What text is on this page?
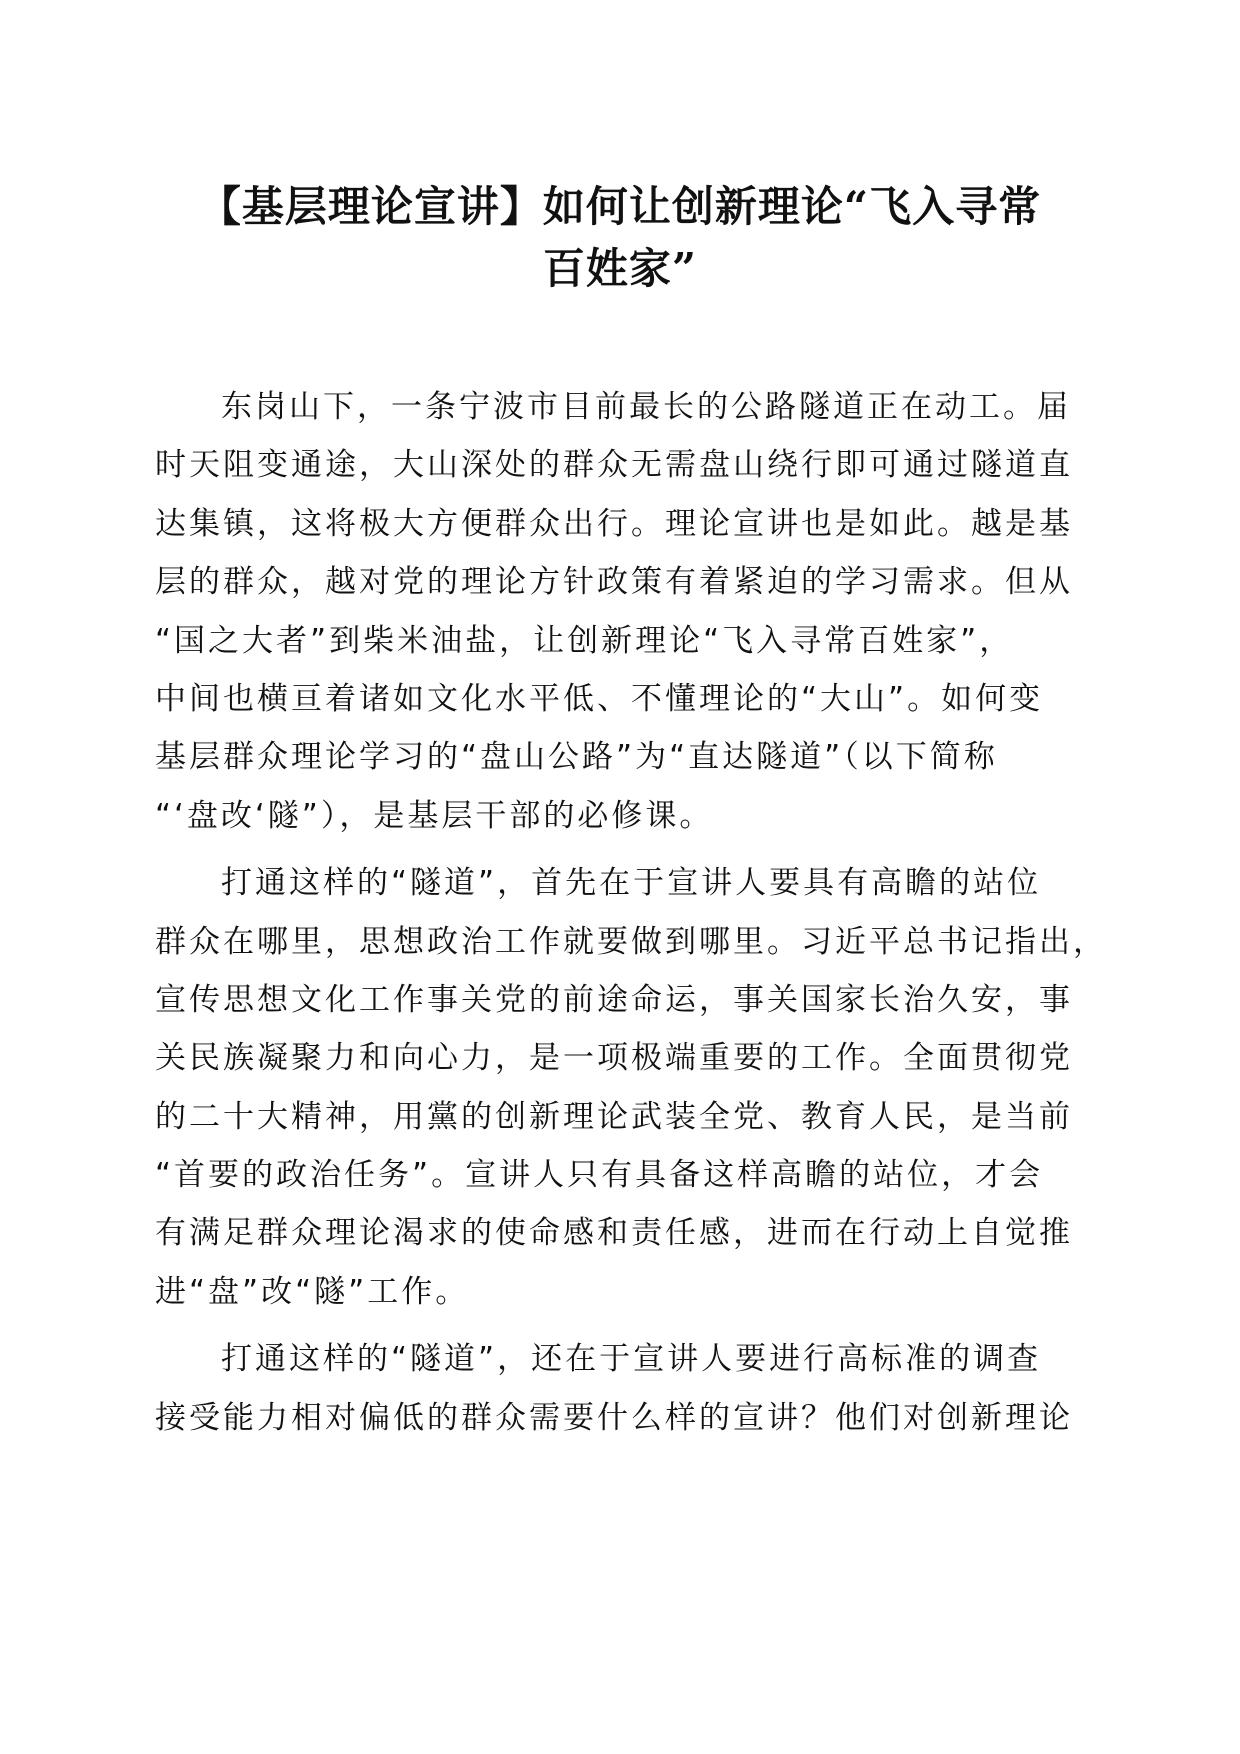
【基层理论宣讲】如何让创新理论“飞入寻常
百姓家”
东岗山下，一条宁波市目前最长的公路隧道正在动工。届
时天阻变通途，大山深处的群众无需盘山绕行即可通过隧道直
达集镇，这将极大方便群众出行。理论宣讲也是如此。越是基
层的群众，越对党的理论方针政策有着紧迫的学习需求。但从
“国之大者”到柴米油盐，让创新理论“飞入寻常百姓家”，
中间也横亘着诸如文化水平低、不懂理论的“大山”。如何变
基层群众理论学习的“盘山公路”为“直达隧道”（以下简称
“‘盘改‘隧”），是基层干部的必修课。
打通这样的“隧道”，首先在于宣讲人要具有高瞻的站位
群众在哪里，思想政治工作就要做到哪里。习近平总书记指出，
宣传思想文化工作事关党的前途命运，事关国家长治久安，事
关民族凝聚力和向心力，是一项极端重要的工作。全面贯彻党
的二十大精神，用黨的创新理论武装全党、教育人民，是当前
“首要的政治任务”。宣讲人只有具备这样高瞻的站位，才会
有满足群众理论渴求的使命感和责任感，进而在行动上自觉推
进“盘”改“隧”工作。
打通这样的“隧道”，还在于宣讲人要进行高标准的调查
接受能力相对偏低的群众需要什么样的宣讲？他们对创新理论
